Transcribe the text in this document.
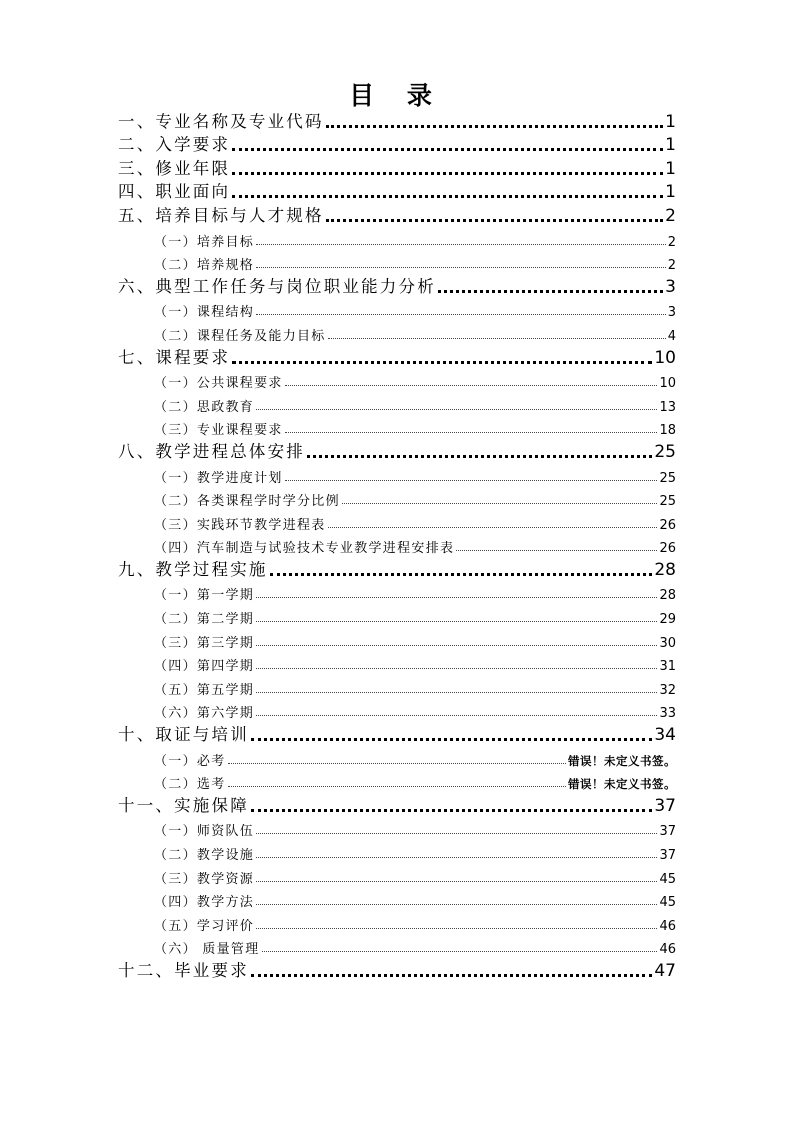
目 录
一、专业名称及专业代码	1
二、入学要求	1
三、修业年限	1
四、职业面向	1
五、培养目标与人才规格	2
（一）培养目标	2
（二）培养规格	2
六、典型工作任务与岗位职业能力分析	3
（一）课程结构	3
（二）课程任务及能力目标	4
七、课程要求	10
（一）公共课程要求	10
（二）思政教育	13
（三）专业课程要求	18
八、教学进程总体安排	25
（一）教学进度计划	25
（二）各类课程学时学分比例	25
（三）实践环节教学进程表	26
（四）汽车制造与试验技术专业教学进程安排表	26
九、教学过程实施	28
（一）第一学期	28
（二）第二学期	29
（三）第三学期	30
（四）第四学期	31
（五）第五学期	32
（六）第六学期	33
十、取证与培训	34
（一）必考	错误！未定义书签。
（二）选考	错误！未定义书签。
十一、实施保障	37
（一）师资队伍	37
（二）教学设施	37
（三）教学资源	45
（四）教学方法	45
（五）学习评价	46
（六） 质量管理	46
十二、毕业要求	47
